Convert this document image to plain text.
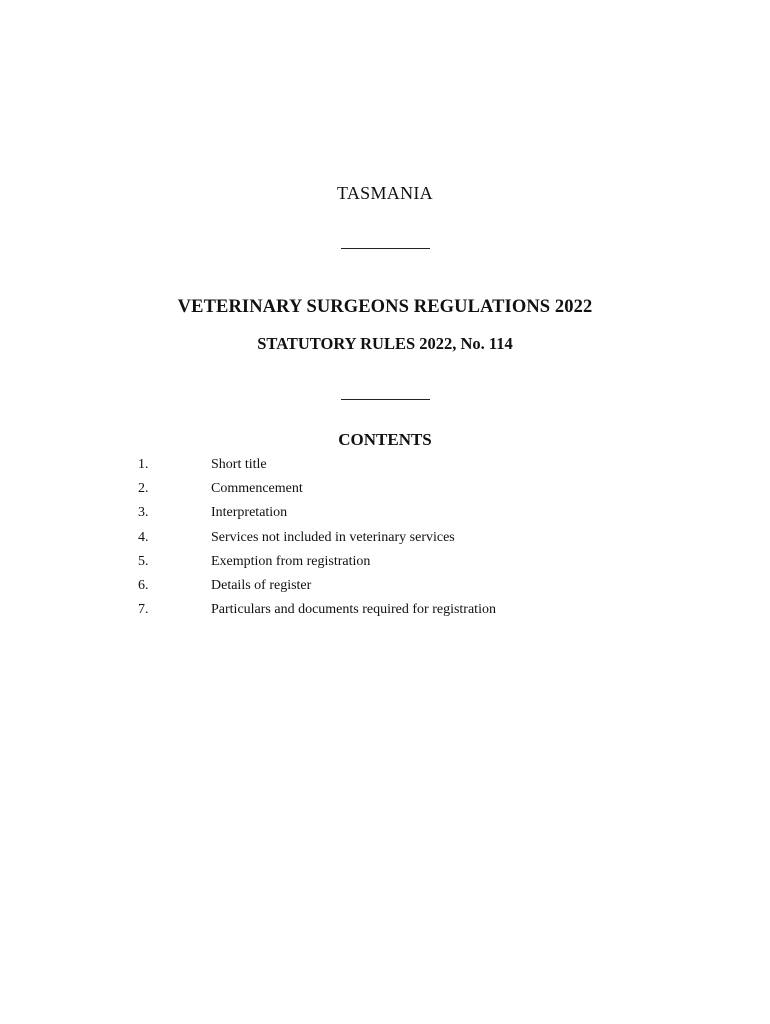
TASMANIA
VETERINARY SURGEONS REGULATIONS 2022
STATUTORY RULES 2022, No. 114
CONTENTS
1.	Short title
2.	Commencement
3.	Interpretation
4.	Services not included in veterinary services
5.	Exemption from registration
6.	Details of register
7.	Particulars and documents required for registration
